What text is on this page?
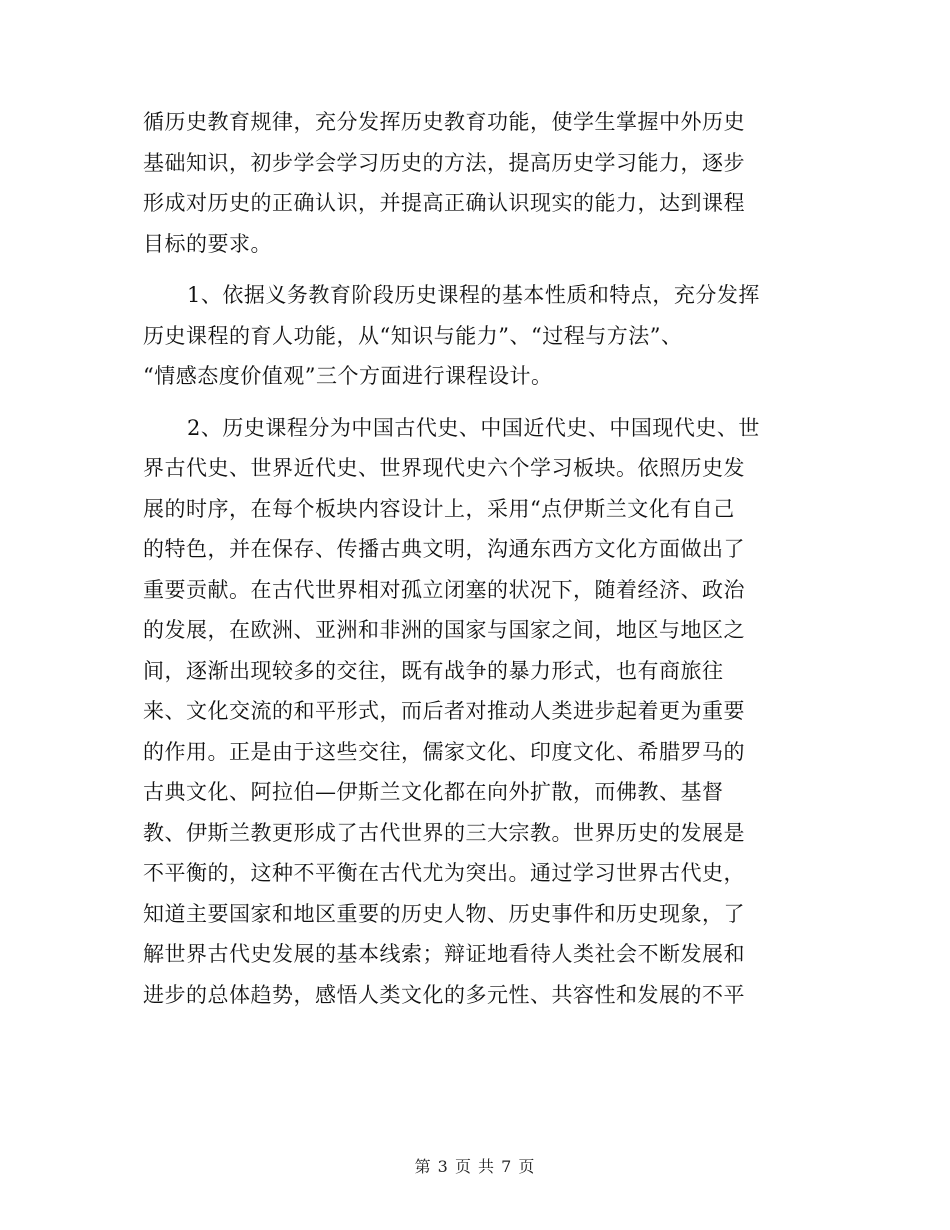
循历史教育规律，充分发挥历史教育功能，使学生掌握中外历史
基础知识，初步学会学习历史的方法，提高历史学习能力，逐步
形成对历史的正确认识，并提高正确认识现实的能力，达到课程
目标的要求。
1、依据义务教育阶段历史课程的基本性质和特点，充分发挥
历史课程的育人功能，从“知识与能力”、“过程与方法”、
“情感态度价值观”三个方面进行课程设计。
2、历史课程分为中国古代史、中国近代史、中国现代史、世
界古代史、世界近代史、世界现代史六个学习板块。依照历史发
展的时序，在每个板块内容设计上，采用“点伊斯兰文化有自己
的特色，并在保存、传播古典文明，沟通东西方文化方面做出了
重要贡献。在古代世界相对孤立闭塞的状况下，随着经济、政治
的发展，在欧洲、亚洲和非洲的国家与国家之间，地区与地区之
间，逐渐出现较多的交往，既有战争的暴力形式，也有商旅往
来、文化交流的和平形式，而后者对推动人类进步起着更为重要
的作用。正是由于这些交往，儒家文化、印度文化、希腊罗马的
古典文化、阿拉伯—伊斯兰文化都在向外扩散，而佛教、基督
教、伊斯兰教更形成了古代世界的三大宗教。世界历史的发展是
不平衡的，这种不平衡在古代尤为突出。通过学习世界古代史，
知道主要国家和地区重要的历史人物、历史事件和历史现象，了
解世界古代史发展的基本线索；辩证地看待人类社会不断发展和
进步的总体趋势，感悟人类文化的多元性、共容性和发展的不平
第 3 页 共 7 页
